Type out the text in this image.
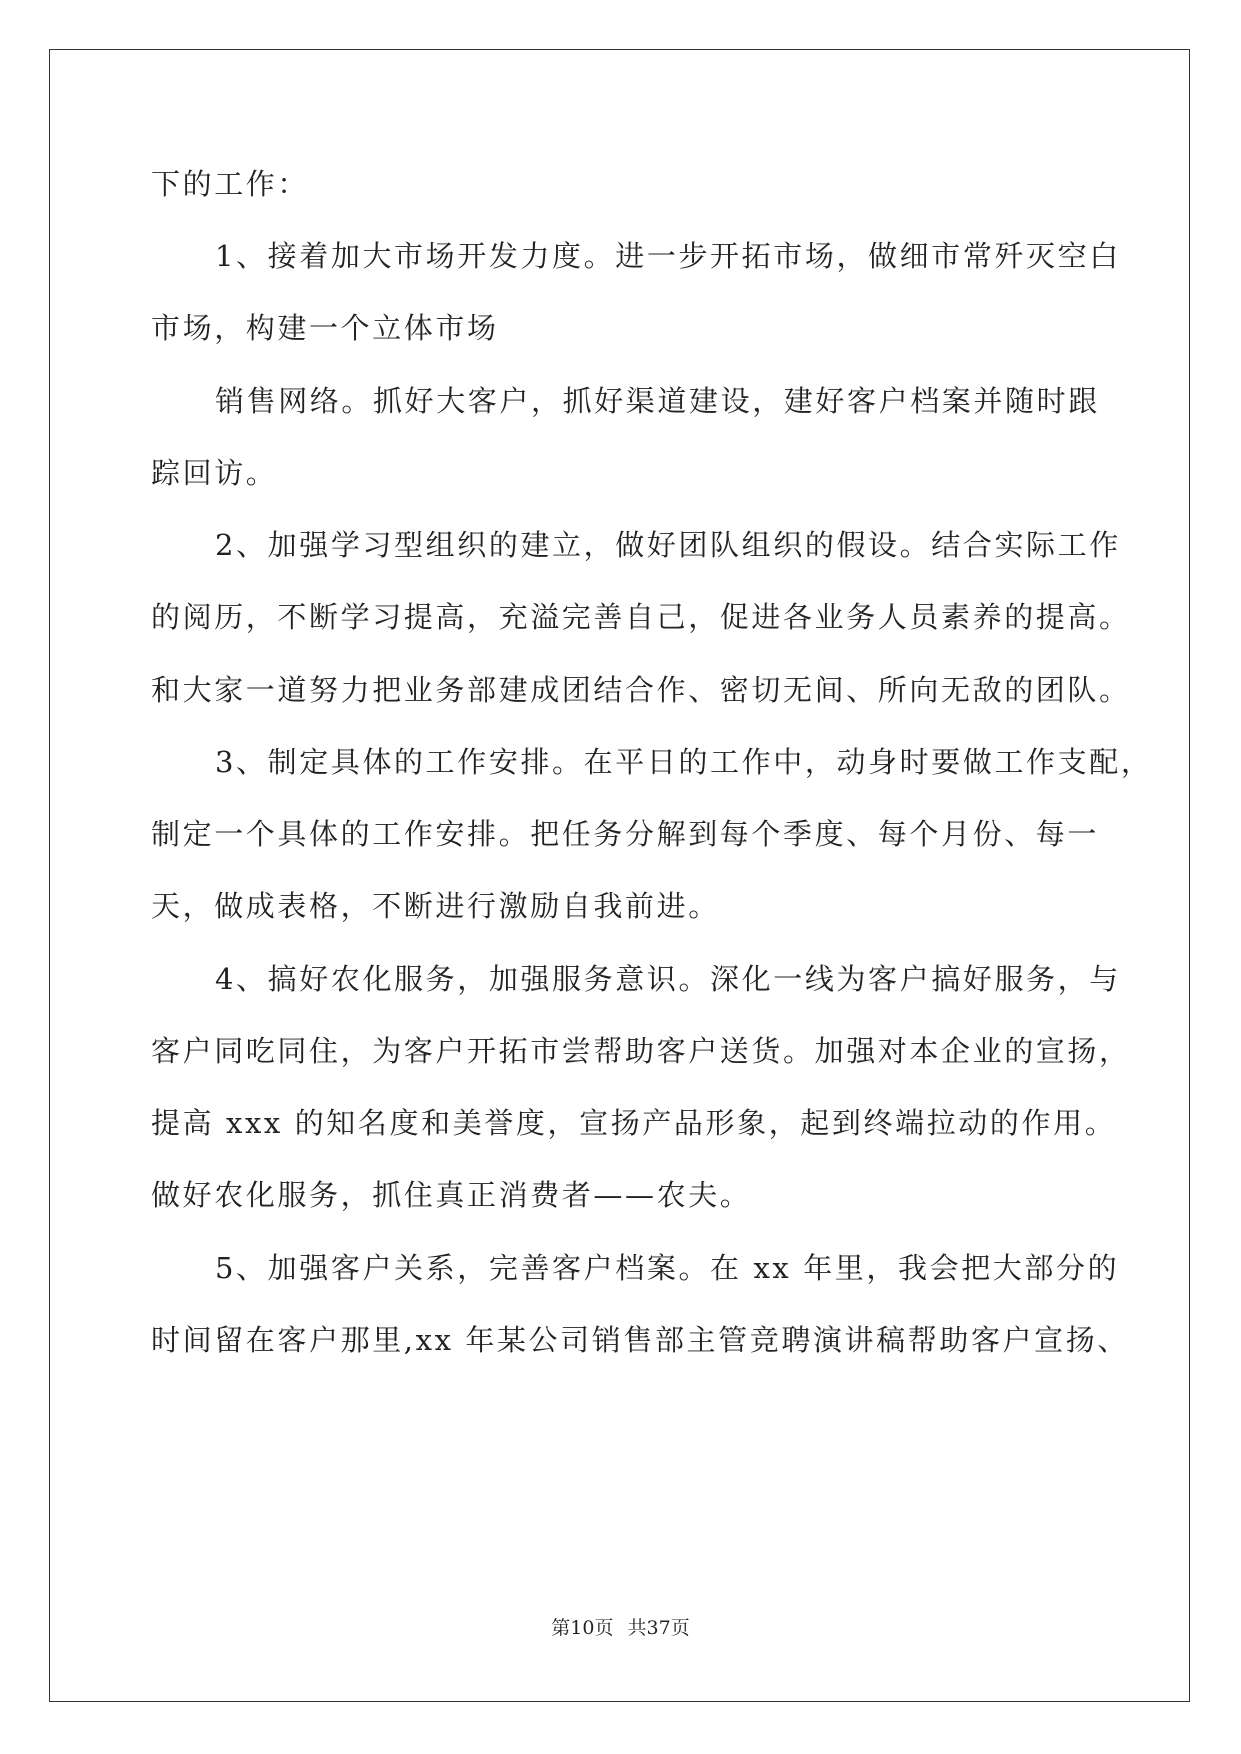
下的工作：
1、接着加大市场开发力度。进一步开拓市场，做细市常歼灭空白
市场，构建一个立体市场
销售网络。抓好大客户，抓好渠道建设，建好客户档案并随时跟
踪回访。
2、加强学习型组织的建立，做好团队组织的假设。结合实际工作
的阅历，不断学习提高，充溢完善自己，促进各业务人员素养的提高。
和大家一道努力把业务部建成团结合作、密切无间、所向无敌的团队。
3、制定具体的工作安排。在平日的工作中，动身时要做工作支配，
制定一个具体的工作安排。把任务分解到每个季度、每个月份、每一
天，做成表格，不断进行激励自我前进。
4、搞好农化服务，加强服务意识。深化一线为客户搞好服务，与
客户同吃同住，为客户开拓市尝帮助客户送货。加强对本企业的宣扬，
提高 xxx 的知名度和美誉度，宣扬产品形象，起到终端拉动的作用。
做好农化服务，抓住真正消费者——农夫。
5、加强客户关系，完善客户档案。在 xx 年里，我会把大部分的
时间留在客户那里,xx 年某公司销售部主管竞聘演讲稿帮助客户宣扬、
第10页 共37页
